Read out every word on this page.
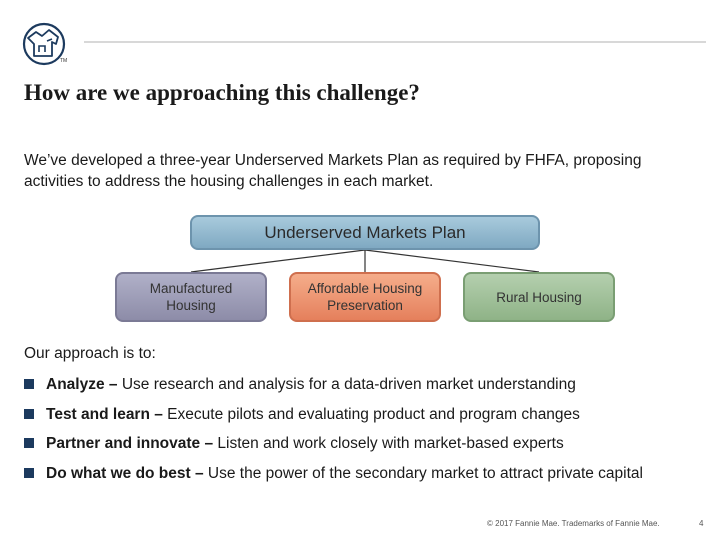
TM
How are we approaching this challenge?
We’ve developed a three-year Underserved Markets Plan as required by FHFA, proposing activities to address the housing challenges in each market.
Underserved Markets Plan
Manufactured
Housing
Affordable Housing
Preservation
Rural Housing
Our approach is to:
Analyze – Use research and analysis for a data-driven market understanding
Test and learn – Execute pilots and evaluating product and program changes
Partner and innovate – Listen and work closely with market-based experts
Do what we do best – Use the power of the secondary market to attract private capital
© 2017 Fannie Mae. Trademarks of Fannie Mae.	4
